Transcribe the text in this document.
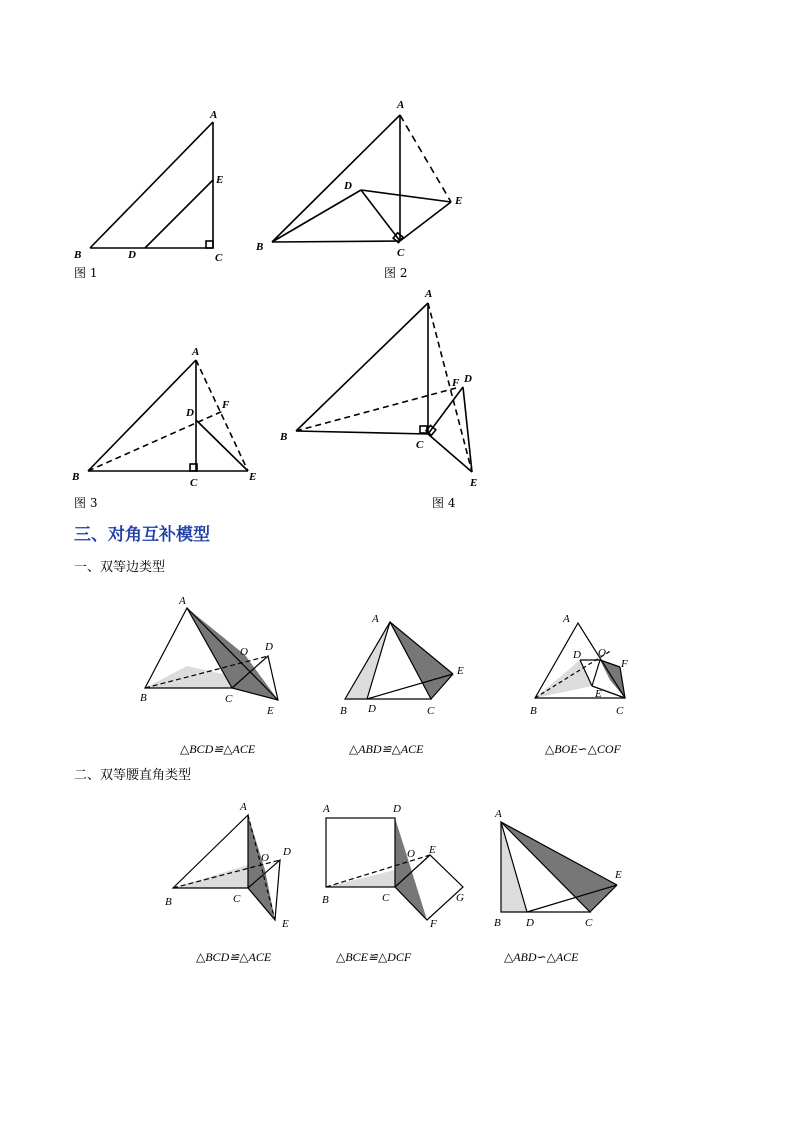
A
E
B	D	C
图 1
A
D
E
B	C
图 2
A
D
F
B	C	E
图 3
A
F D
B
C
E
图 4
三、对角互补模型
一、双等边类型
A
O D
B	C
E
A
E
B D	C
A
D O
F
E
B	C
△BCD≌△ACE	△ABD≌△ACE	△BOE∽△COF
二、双等腰直角类型
A
O D
B	C
E
A	D
O E
B	C	G
F
A
E
B D	C
△BCD≌△ACE	△BCE≌△DCF	△ABD∽△ACE
